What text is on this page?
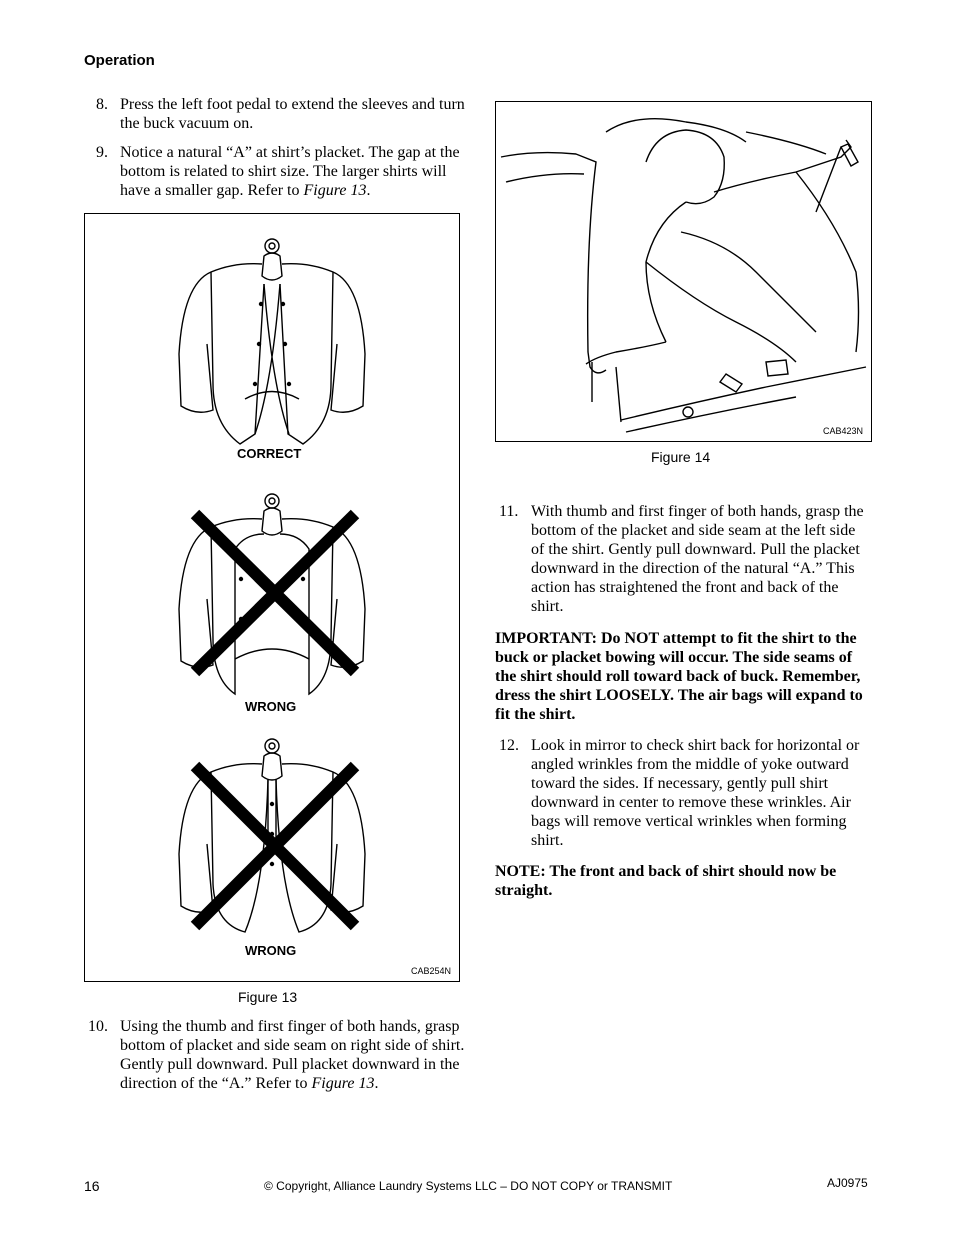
Operation
8. Press the left foot pedal to extend the sleeves and turn the buck vacuum on.
9. Notice a natural “A” at shirt’s placket. The gap at the bottom is related to shirt size. The larger shirts will have a smaller gap. Refer to Figure 13.
CORRECT
WRONG
WRONG
CAB254N
Figure 13
10. Using the thumb and first finger of both hands, grasp bottom of placket and side seam on right side of shirt. Gently pull downward. Pull placket downward in the direction of the “A.” Refer to Figure 13.
CAB423N
Figure 14
11. With thumb and first finger of both hands, grasp the bottom of the placket and side seam at the left side of the shirt. Gently pull downward. Pull the placket downward in the direction of the natural “A.” This action has straightened the front and back of the shirt.
IMPORTANT: Do NOT attempt to fit the shirt to the buck or placket bowing will occur. The side seams of the shirt should roll toward back of buck. Remember, dress the shirt LOOSELY. The air bags will expand to fit the shirt.
12. Look in mirror to check shirt back for horizontal or angled wrinkles from the middle of yoke outward toward the sides. If necessary, gently pull shirt downward in center to remove these wrinkles. Air bags will remove vertical wrinkles when forming shirt.
NOTE: The front and back of shirt should now be straight.
16	© Copyright, Alliance Laundry Systems LLC – DO NOT COPY or TRANSMIT	AJ0975
